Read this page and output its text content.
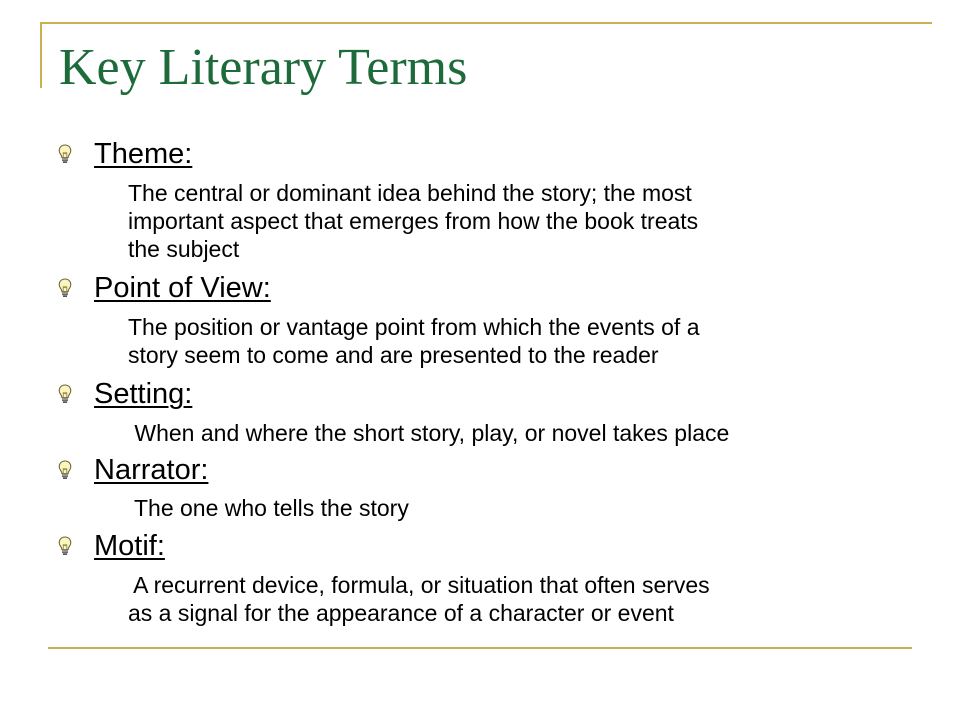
Key Literary Terms
Theme:

The central or dominant idea behind the story; the most

important aspect that emerges from how the book treats

the subject

Point of View:

The position or vantage point from which the events of a

story seem to come and are presented to the reader

Setting:

When and where the short story, play, or novel takes place

Narrator:

The one who tells the story

Motif:

A recurrent device, formula, or situation that often serves

as a signal for the appearance of a character or event
